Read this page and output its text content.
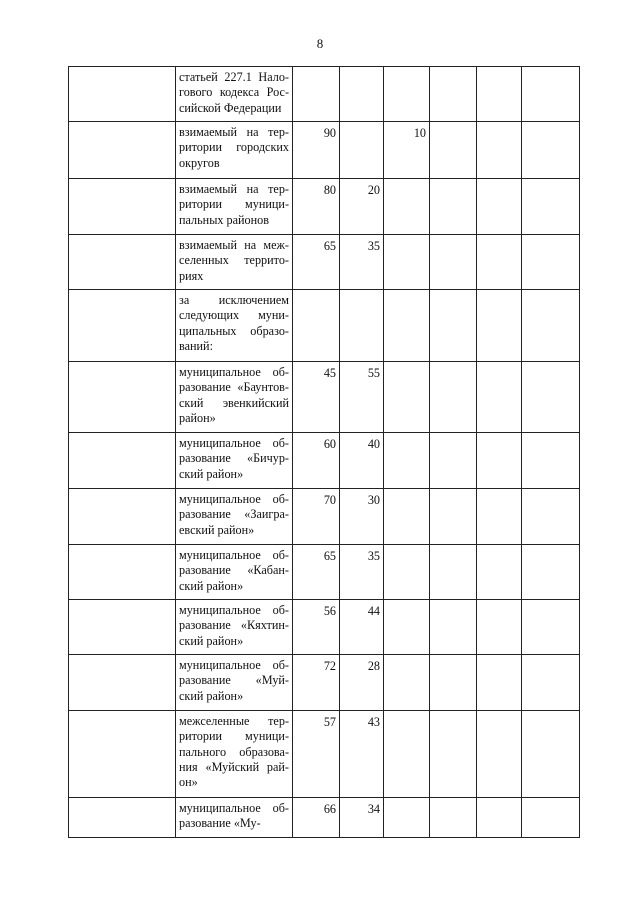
8

	статьей 227.1 Нало-
гового кодекса Рос-
сийской Федерации						

	взимаемый на тер-
ритории городских
округов	90		10			

	взимаемый на тер-
ритории муници-
пальных районов	80	20				

	взимаемый на меж-
селенных террито-
риях	65	35				

	за исключением
следующих муни-
ципальных образо-
ваний:						

	муниципальное об-
разование «Баунтов-
ский эвенкийский
район»	45	55				

	муниципальное об-
разование «Бичур-
ский район»	60	40				

	муниципальное об-
разование «Заигра-
евский район»	70	30				

	муниципальное об-
разование «Кабан-
ский район»	65	35				

	муниципальное об-
разование «Кяхтин-
ский район»	56	44				

	муниципальное об-
разование «Муй-
ский район»	72	28				

	межселенные тер-
ритории муници-
пального образова-
ния «Муйский рай-
он»	57	43				

	муниципальное об-
разование «Му-	66	34				
